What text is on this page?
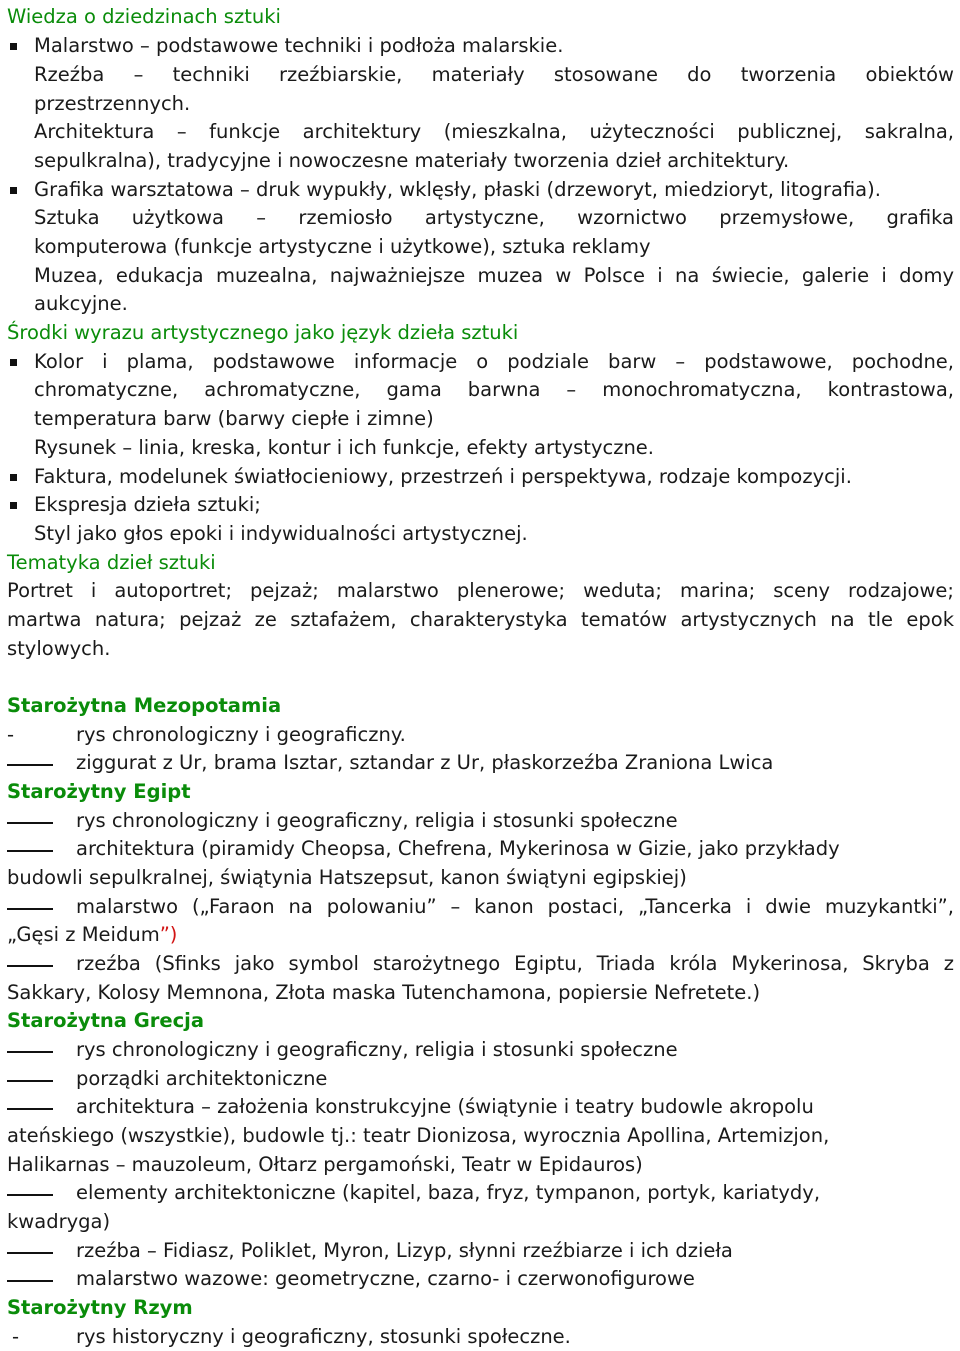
Wiedza o dziedzinach sztuki
Malarstwo – podstawowe techniki i podłoża malarskie.
Rzeźba – techniki rzeźbiarskie, materiały stosowane do tworzenia obiektów
przestrzennych.
Architektura – funkcje architektury (mieszkalna, użyteczności publicznej, sakralna,
sepulkralna), tradycyjne i nowoczesne materiały tworzenia dzieł architektury.
Grafika warsztatowa – druk wypukły, wklęsły, płaski (drzeworyt, miedzioryt, litografia).
Sztuka użytkowa – rzemiosło artystyczne, wzornictwo przemysłowe, grafika
komputerowa (funkcje artystyczne i użytkowe), sztuka reklamy
Muzea, edukacja muzealna, najważniejsze muzea w Polsce i na świecie, galerie i domy
aukcyjne.
Środki wyrazu artystycznego jako język dzieła sztuki
Kolor i plama, podstawowe informacje o podziale barw – podstawowe, pochodne,
chromatyczne, achromatyczne, gama barwna – monochromatyczna, kontrastowa,
temperatura barw (barwy ciepłe i zimne)
Rysunek – linia, kreska, kontur i ich funkcje, efekty artystyczne.
Faktura, modelunek światłocieniowy, przestrzeń i perspektywa, rodzaje kompozycji.
Ekspresja dzieła sztuki;
Styl jako głos epoki i indywidualności artystycznej.
Tematyka dzieł sztuki
Portret i autoportret; pejzaż; malarstwo plenerowe; weduta; marina; sceny rodzajowe;
martwa natura; pejzaż ze sztafażem, charakterystyka tematów artystycznych na tle epok
stylowych.
Starożytna Mezopotamia
-	rys chronologiczny i geograficzny.
ziggurat z Ur, brama Isztar, sztandar z Ur, płaskorzeźba Zraniona Lwica
Starożytny Egipt
rys chronologiczny i geograficzny, religia i stosunki społeczne
architektura (piramidy Cheopsa, Chefrena, Mykerinosa w Gizie, jako przykłady
budowli sepulkralnej, świątynia Hatszepsut, kanon świątyni egipskiej)
malarstwo („Faraon na polowaniu” – kanon postaci, „Tancerka i dwie muzykantki”,
„Gęsi z Meidum”)
rzeźba (Sfinks jako symbol starożytnego Egiptu, Triada króla Mykerinosa, Skryba z
Sakkary, Kolosy Memnona, Złota maska Tutenchamona, popiersie Nefretete.)
Starożytna Grecja
rys chronologiczny i geograficzny, religia i stosunki społeczne
porządki architektoniczne
architektura – założenia konstrukcyjne (świątynie i teatry budowle akropolu
ateńskiego (wszystkie), budowle tj.: teatr Dionizosa, wyrocznia Apollina, Artemizjon,
Halikarnas – mauzoleum, Ołtarz pergamoński, Teatr w Epidauros)
elementy architektoniczne (kapitel, baza, fryz, tympanon, portyk, kariatydy,
kwadryga)
rzeźba – Fidiasz, Poliklet, Myron, Lizyp, słynni rzeźbiarze i ich dzieła
malarstwo wazowe: geometryczne, czarno- i czerwonofigurowe
Starożytny Rzym
-	rys historyczny i geograficzny, stosunki społeczne.
